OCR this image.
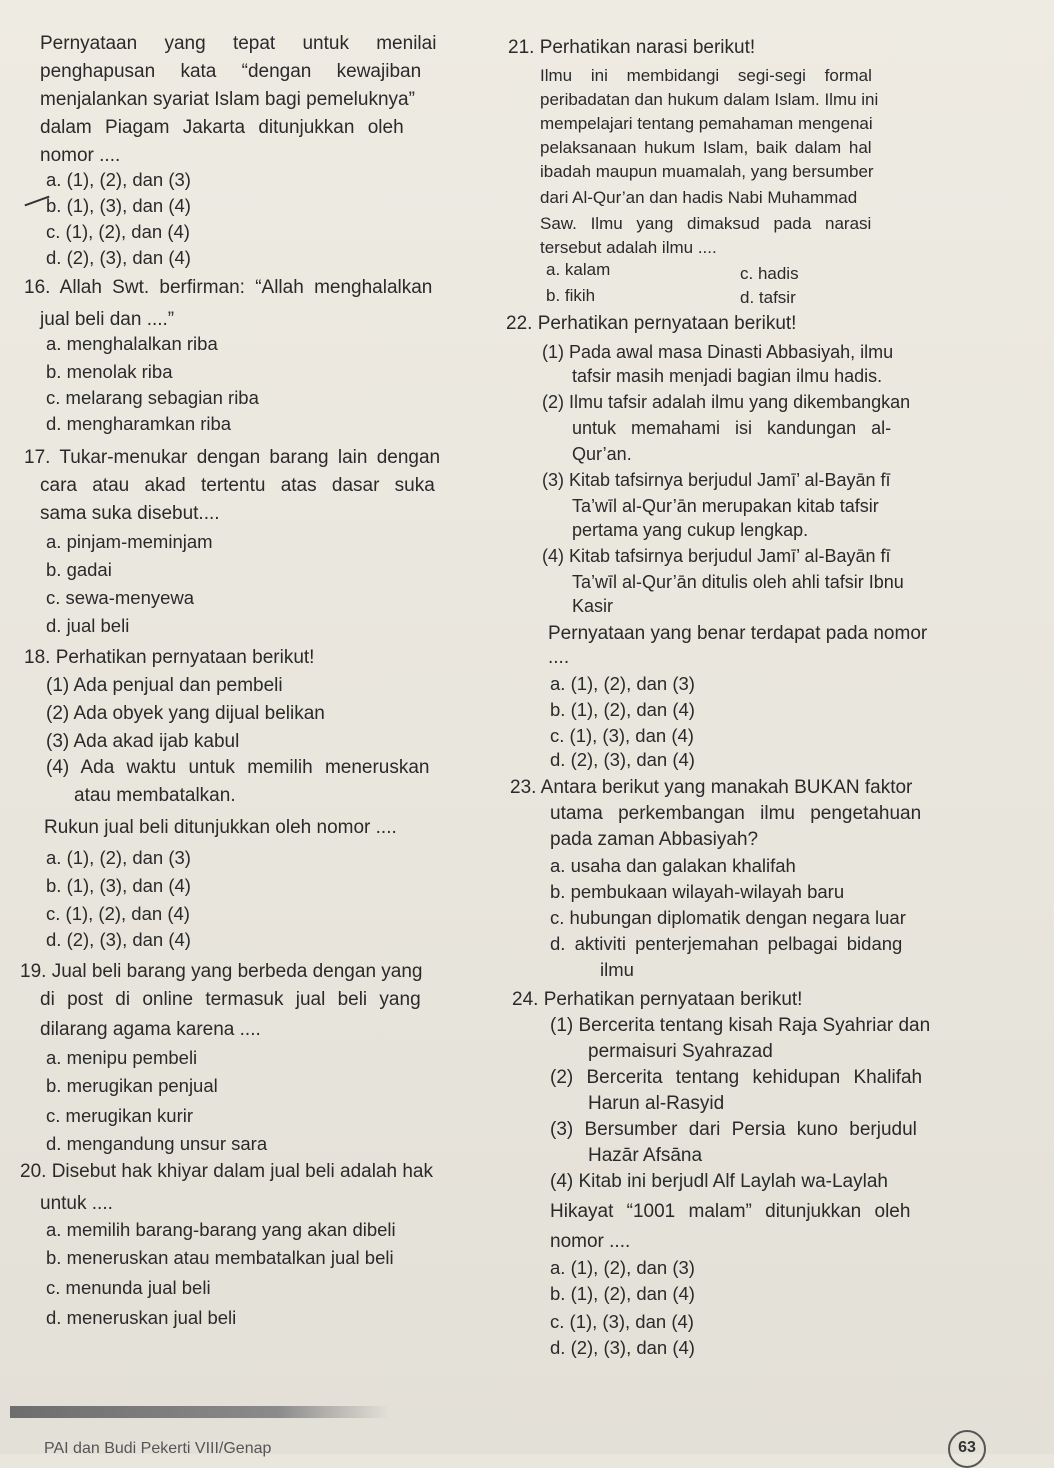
Pernyataan yang tepat untuk menilai
penghapusan kata “dengan kewajiban
menjalankan syariat Islam bagi pemeluknya”
dalam Piagam Jakarta ditunjukkan oleh
nomor ....
a. (1), (2), dan (3)
b. (1), (3), dan (4)
c. (1), (2), dan (4)
d. (2), (3), dan (4)
16. Allah Swt. berfirman: “Allah menghalalkan
jual beli dan ....”
a. menghalalkan riba
b. menolak riba
c. melarang sebagian riba
d. mengharamkan riba
17. Tukar-menukar dengan barang lain dengan
cara atau akad tertentu atas dasar suka
sama suka disebut....
a. pinjam-meminjam
b. gadai
c. sewa-menyewa
d. jual beli
18. Perhatikan pernyataan berikut!
(1) Ada penjual dan pembeli
(2) Ada obyek yang dijual belikan
(3) Ada akad ijab kabul
(4) Ada waktu untuk memilih meneruskan
atau membatalkan.
Rukun jual beli ditunjukkan oleh nomor ....
a. (1), (2), dan (3)
b. (1), (3), dan (4)
c. (1), (2), dan (4)
d. (2), (3), dan (4)
19. Jual beli barang yang berbeda dengan yang
di post di online termasuk jual beli yang
dilarang agama karena ....
a. menipu pembeli
b. merugikan penjual
c. merugikan kurir
d. mengandung unsur sara
20. Disebut hak khiyar dalam jual beli adalah hak
untuk ....
a. memilih barang-barang yang akan dibeli
b. meneruskan atau membatalkan jual beli
c. menunda jual beli
d. meneruskan jual beli
21. Perhatikan narasi berikut!
Ilmu ini membidangi segi-segi formal
peribadatan dan hukum dalam Islam. Ilmu ini
mempelajari tentang pemahaman mengenai
pelaksanaan hukum Islam, baik dalam hal
ibadah maupun muamalah, yang bersumber
dari Al-Qur’an dan hadis Nabi Muhammad
Saw. Ilmu yang dimaksud pada narasi
tersebut adalah ilmu ....
a. kalam	c. hadis
b. fikih	d. tafsir
22. Perhatikan pernyataan berikut!
(1) Pada awal masa Dinasti Abbasiyah, ilmu
tafsir masih menjadi bagian ilmu hadis.
(2) Ilmu tafsir adalah ilmu yang dikembangkan
untuk memahami isi kandungan al-
Qur’an.
(3) Kitab tafsirnya berjudul Jamī’ al-Bayān fī
Ta’wīl al-Qur’ān merupakan kitab tafsir
pertama yang cukup lengkap.
(4) Kitab tafsirnya berjudul Jamī’ al-Bayān fī
Ta’wīl al-Qur’ān ditulis oleh ahli tafsir Ibnu
Kasir
Pernyataan yang benar terdapat pada nomor
....
a. (1), (2), dan (3)
b. (1), (2), dan (4)
c. (1), (3), dan (4)
d. (2), (3), dan (4)
23. Antara berikut yang manakah BUKAN faktor
utama perkembangan ilmu pengetahuan
pada zaman Abbasiyah?
a. usaha dan galakan khalifah
b. pembukaan wilayah-wilayah baru
c. hubungan diplomatik dengan negara luar
d. aktiviti penterjemahan pelbagai bidang
ilmu
24. Perhatikan pernyataan berikut!
(1) Bercerita tentang kisah Raja Syahriar dan
permaisuri Syahrazad
(2) Bercerita tentang kehidupan Khalifah
Harun al-Rasyid
(3) Bersumber dari Persia kuno berjudul
Hazār Afsāna
(4) Kitab ini berjudl Alf Laylah wa-Laylah
Hikayat “1001 malam” ditunjukkan oleh
nomor ....
a. (1), (2), dan (3)
b. (1), (2), dan (4)
c. (1), (3), dan (4)
d. (2), (3), dan (4)
PAI dan Budi Pekerti VIII/Genap	63
